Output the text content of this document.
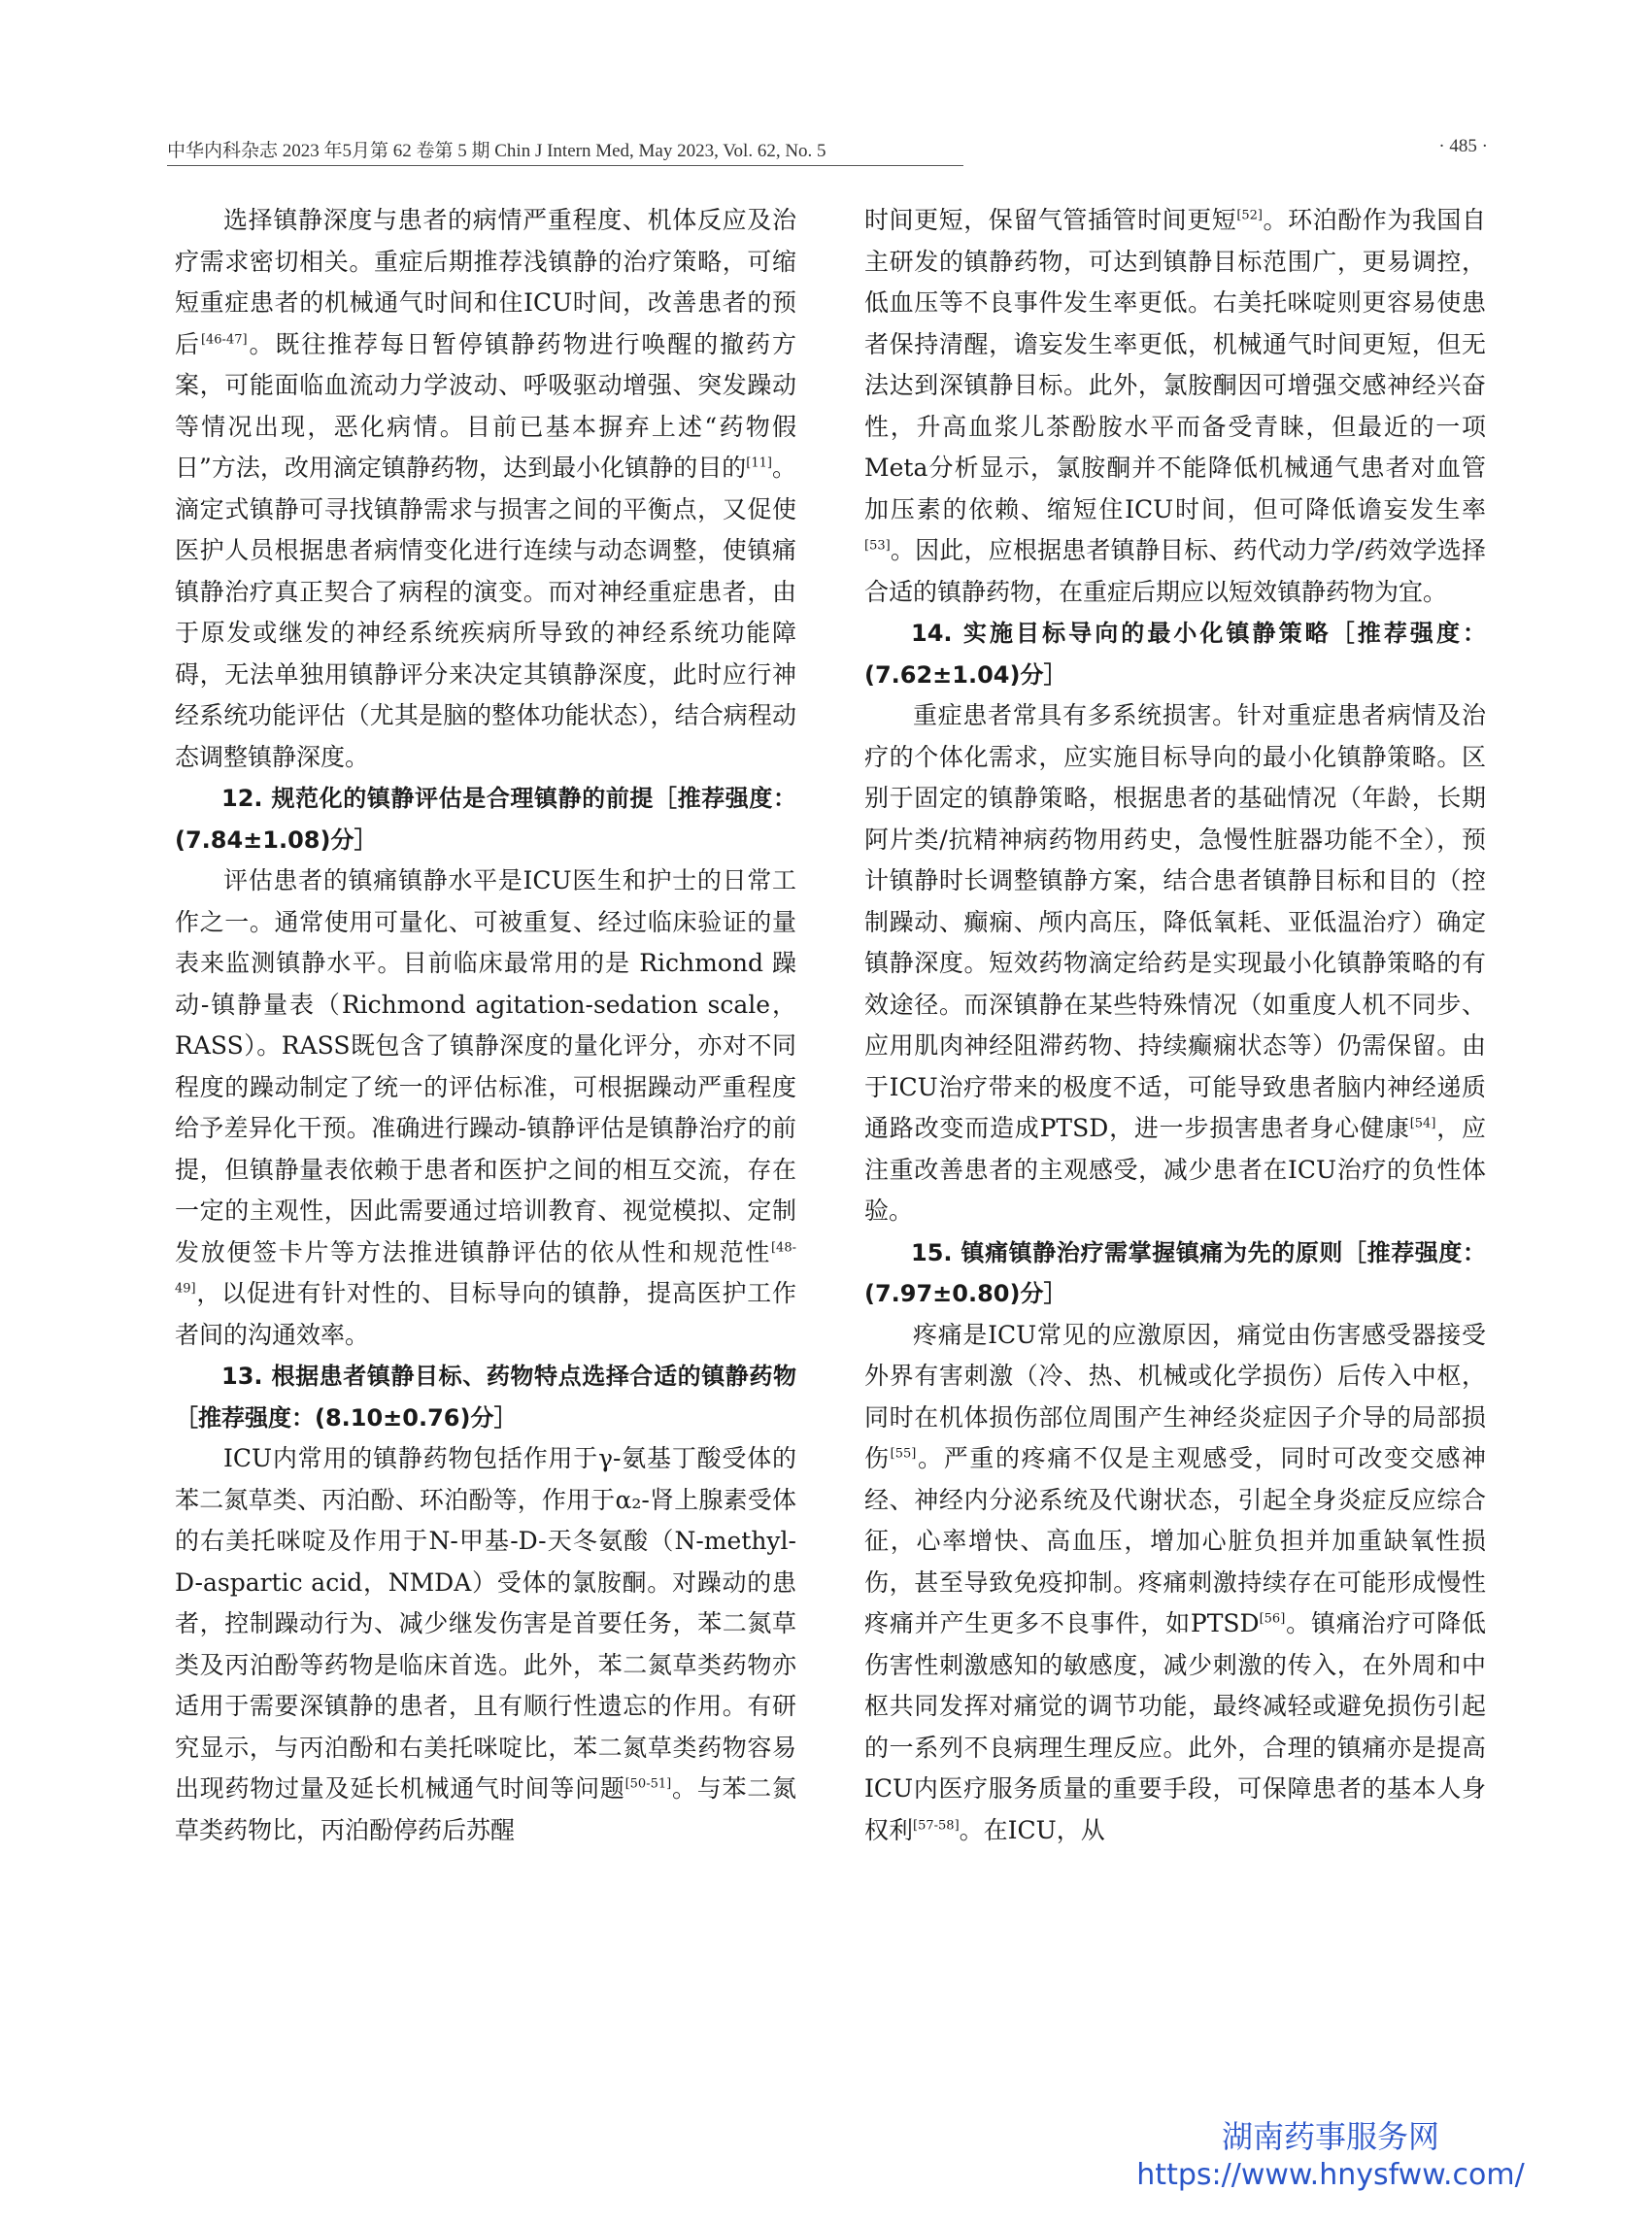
中华内科杂志 2023 年5月第 62 卷第 5 期 Chin J Intern Med, May 2023, Vol. 62, No. 5	· 485 ·

选择镇静深度与患者的病情严重程度、机体反应及治疗需求密切相关。重症后期推荐浅镇静的治疗策略，可缩短重症患者的机械通气时间和住ICU时间，改善患者的预后[46-47]。既往推荐每日暂停镇静药物进行唤醒的撤药方案，可能面临血流动力学波动、呼吸驱动增强、突发躁动等情况出现，恶化病情。目前已基本摒弃上述“药物假日”方法，改用滴定镇静药物，达到最小化镇静的目的[11]。滴定式镇静可寻找镇静需求与损害之间的平衡点，又促使医护人员根据患者病情变化进行连续与动态调整，使镇痛镇静治疗真正契合了病程的演变。而对神经重症患者，由于原发或继发的神经系统疾病所导致的神经系统功能障碍，无法单独用镇静评分来决定其镇静深度，此时应行神经系统功能评估（尤其是脑的整体功能状态），结合病程动态调整镇静深度。

12. 规范化的镇静评估是合理镇静的前提［推荐强度：(7.84±1.08)分］

评估患者的镇痛镇静水平是ICU医生和护士的日常工作之一。通常使用可量化、可被重复、经过临床验证的量表来监测镇静水平。目前临床最常用的是 Richmond 躁动-镇静量表（Richmond agitation-sedation scale，RASS）。RASS既包含了镇静深度的量化评分，亦对不同程度的躁动制定了统一的评估标准，可根据躁动严重程度给予差异化干预。准确进行躁动-镇静评估是镇静治疗的前提，但镇静量表依赖于患者和医护之间的相互交流，存在一定的主观性，因此需要通过培训教育、视觉模拟、定制发放便签卡片等方法推进镇静评估的依从性和规范性[48-49]，以促进有针对性的、目标导向的镇静，提高医护工作者间的沟通效率。

13. 根据患者镇静目标、药物特点选择合适的镇静药物［推荐强度：(8.10±0.76)分］

ICU内常用的镇静药物包括作用于γ-氨基丁酸受体的苯二氮草类、丙泊酚、环泊酚等，作用于α₂-肾上腺素受体的右美托咪啶及作用于N-甲基-D-天冬氨酸（N-methyl-D-aspartic acid，NMDA）受体的氯胺酮。对躁动的患者，控制躁动行为、减少继发伤害是首要任务，苯二氮草类及丙泊酚等药物是临床首选。此外，苯二氮草类药物亦适用于需要深镇静的患者，且有顺行性遗忘的作用。有研究显示，与丙泊酚和右美托咪啶比，苯二氮草类药物容易出现药物过量及延长机械通气时间等问题[50-51]。与苯二氮草类药物比，丙泊酚停药后苏醒

时间更短，保留气管插管时间更短[52]。环泊酚作为我国自主研发的镇静药物，可达到镇静目标范围广，更易调控，低血压等不良事件发生率更低。右美托咪啶则更容易使患者保持清醒，谵妄发生率更低，机械通气时间更短，但无法达到深镇静目标。此外，氯胺酮因可增强交感神经兴奋性，升高血浆儿茶酚胺水平而备受青睐，但最近的一项Meta分析显示，氯胺酮并不能降低机械通气患者对血管加压素的依赖、缩短住ICU时间，但可降低谵妄发生率[53]。因此，应根据患者镇静目标、药代动力学/药效学选择合适的镇静药物，在重症后期应以短效镇静药物为宜。

14. 实施目标导向的最小化镇静策略［推荐强度：(7.62±1.04)分］

重症患者常具有多系统损害。针对重症患者病情及治疗的个体化需求，应实施目标导向的最小化镇静策略。区别于固定的镇静策略，根据患者的基础情况（年龄，长期阿片类/抗精神病药物用药史，急慢性脏器功能不全），预计镇静时长调整镇静方案，结合患者镇静目标和目的（控制躁动、癫痫、颅内高压，降低氧耗、亚低温治疗）确定镇静深度。短效药物滴定给药是实现最小化镇静策略的有效途径。而深镇静在某些特殊情况（如重度人机不同步、应用肌肉神经阻滞药物、持续癫痫状态等）仍需保留。由于ICU治疗带来的极度不适，可能导致患者脑内神经递质通路改变而造成PTSD，进一步损害患者身心健康[54]，应注重改善患者的主观感受，减少患者在ICU治疗的负性体验。

15. 镇痛镇静治疗需掌握镇痛为先的原则［推荐强度：(7.97±0.80)分］

疼痛是ICU常见的应激原因，痛觉由伤害感受器接受外界有害刺激（冷、热、机械或化学损伤）后传入中枢，同时在机体损伤部位周围产生神经炎症因子介导的局部损伤[55]。严重的疼痛不仅是主观感受，同时可改变交感神经、神经内分泌系统及代谢状态，引起全身炎症反应综合征，心率增快、高血压，增加心脏负担并加重缺氧性损伤，甚至导致免疫抑制。疼痛刺激持续存在可能形成慢性疼痛并产生更多不良事件，如PTSD[56]。镇痛治疗可降低伤害性刺激感知的敏感度，减少刺激的传入，在外周和中枢共同发挥对痛觉的调节功能，最终减轻或避免损伤引起的一系列不良病理生理反应。此外，合理的镇痛亦是提高ICU内医疗服务质量的重要手段，可保障患者的基本人身权利[57-58]。在ICU，从

湖南药事服务网
https://www.hnysfww.com/
